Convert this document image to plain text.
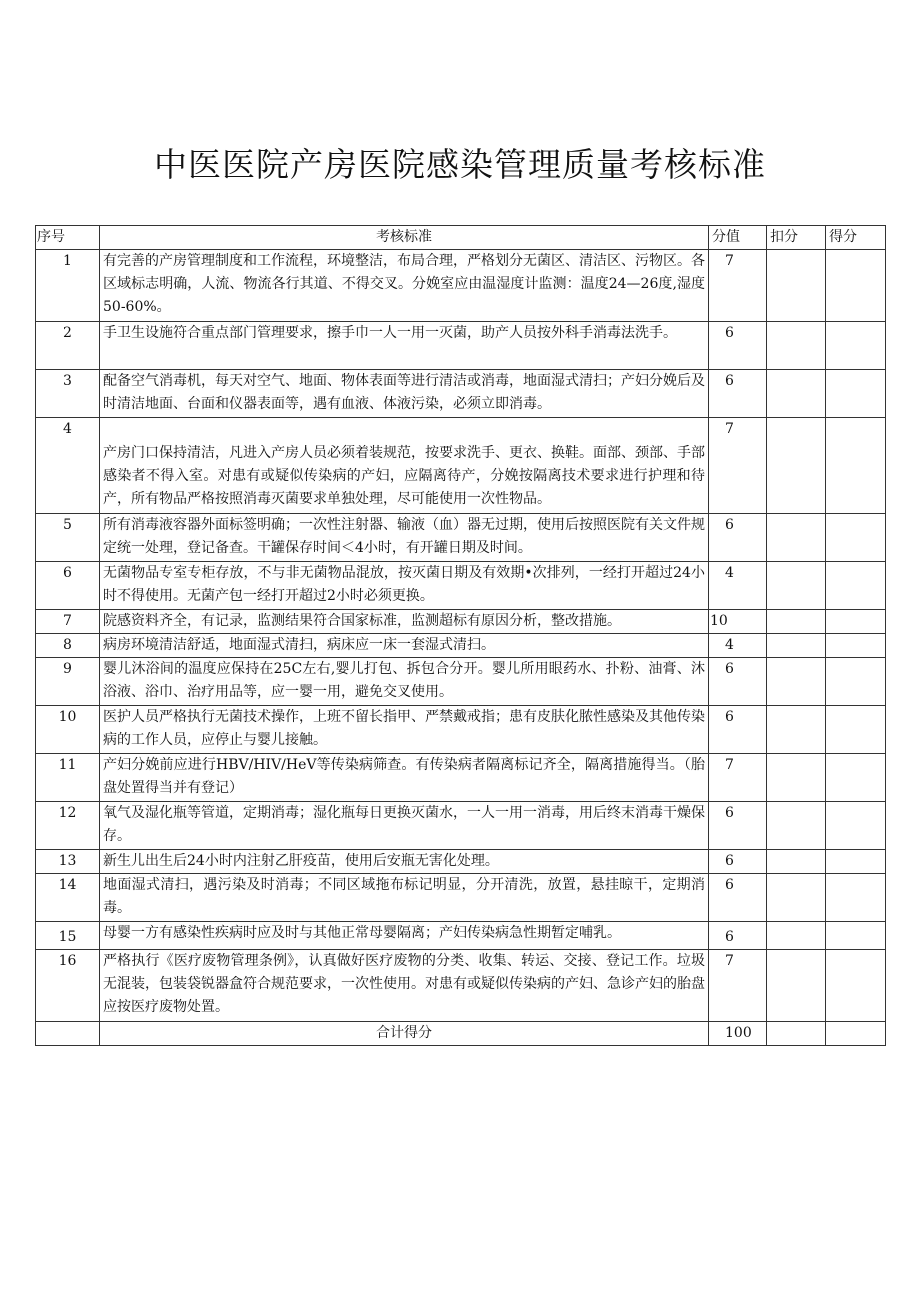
中医医院产房医院感染管理质量考核标准
序号	考核标准	分值	扣分	得分
1	有完善的产房管理制度和工作流程，环境整洁，布局合理，严格划分无菌区、清洁区、污物区。各区域标志明确，人流、物流各行其道、不得交叉。分娩室应由温湿度计监测：温度24—26度,湿度50-60%。	7		
2	手卫生设施符合重点部门管理要求，擦手巾一人一用一灭菌，助产人员按外科手消毒法洗手。	6		
3	配备空气消毒机，每天对空气、地面、物体表面等进行清洁或消毒，地面湿式清扫；产妇分娩后及时清洁地面、台面和仪器表面等，遇有血液、体液污染，必须立即消毒。	6		
4	产房门口保持清洁，凡进入产房人员必须着装规范，按要求洗手、更衣、换鞋。面部、颈部、手部感染者不得入室。对患有或疑似传染病的产妇，应隔离待产，分娩按隔离技术要求进行护理和待产，所有物品严格按照消毒灭菌要求单独处理，尽可能使用一次性物品。	7		
5	所有消毒液容器外面标签明确；一次性注射器、输液（血）器无过期，使用后按照医院有关文件规定统一处理，登记备查。干罐保存时间＜4小时，有开罐日期及时间。	6		
6	无菌物品专室专柜存放，不与非无菌物品混放，按灭菌日期及有效期•次排列，一经打开超过24小时不得使用。无菌产包一经打开超过2小时必须更换。	4		
7	院感资料齐全，有记录，监测结果符合国家标准，监测超标有原因分析，整改措施。	10		
8	病房环境清洁舒适，地面湿式清扫，病床应一床一套湿式清扫。	4		
9	婴儿沐浴间的温度应保持在25C左右,婴儿打包、拆包合分开。婴儿所用眼药水、扑粉、油膏、沐浴液、浴巾、治疗用品等，应一婴一用，避免交叉使用。	6		
10	医护人员严格执行无菌技术操作，上班不留长指甲、严禁戴戒指；患有皮肤化脓性感染及其他传染病的工作人员，应停止与婴儿接触。	6		
11	产妇分娩前应进行HBV/HIV/HeV等传染病筛查。有传染病者隔离标记齐全，隔离措施得当。（胎盘处置得当并有登记）	7		
12	氧气及湿化瓶等管道，定期消毒；湿化瓶每日更换灭菌水，一人一用一消毒，用后终末消毒干燥保存。	6		
13	新生儿出生后24小时内注射乙肝疫苗，使用后安瓶无害化处理。	6		
14	地面湿式清扫，遇污染及时消毒；不同区域拖布标记明显，分开清洗，放置，悬挂晾干，定期消毒。	6		
15	母婴一方有感染性疾病时应及时与其他正常母婴隔离；产妇传染病急性期暂定哺乳。	6		
16	严格执行《医疗废物管理条例》，认真做好医疗废物的分类、收集、转运、交接、登记工作。垃圾无混装，包装袋锐器盒符合规范要求，一次性使用。对患有或疑似传染病的产妇、急诊产妇的胎盘应按医疗废物处置。	7		
	合计得分	100		
